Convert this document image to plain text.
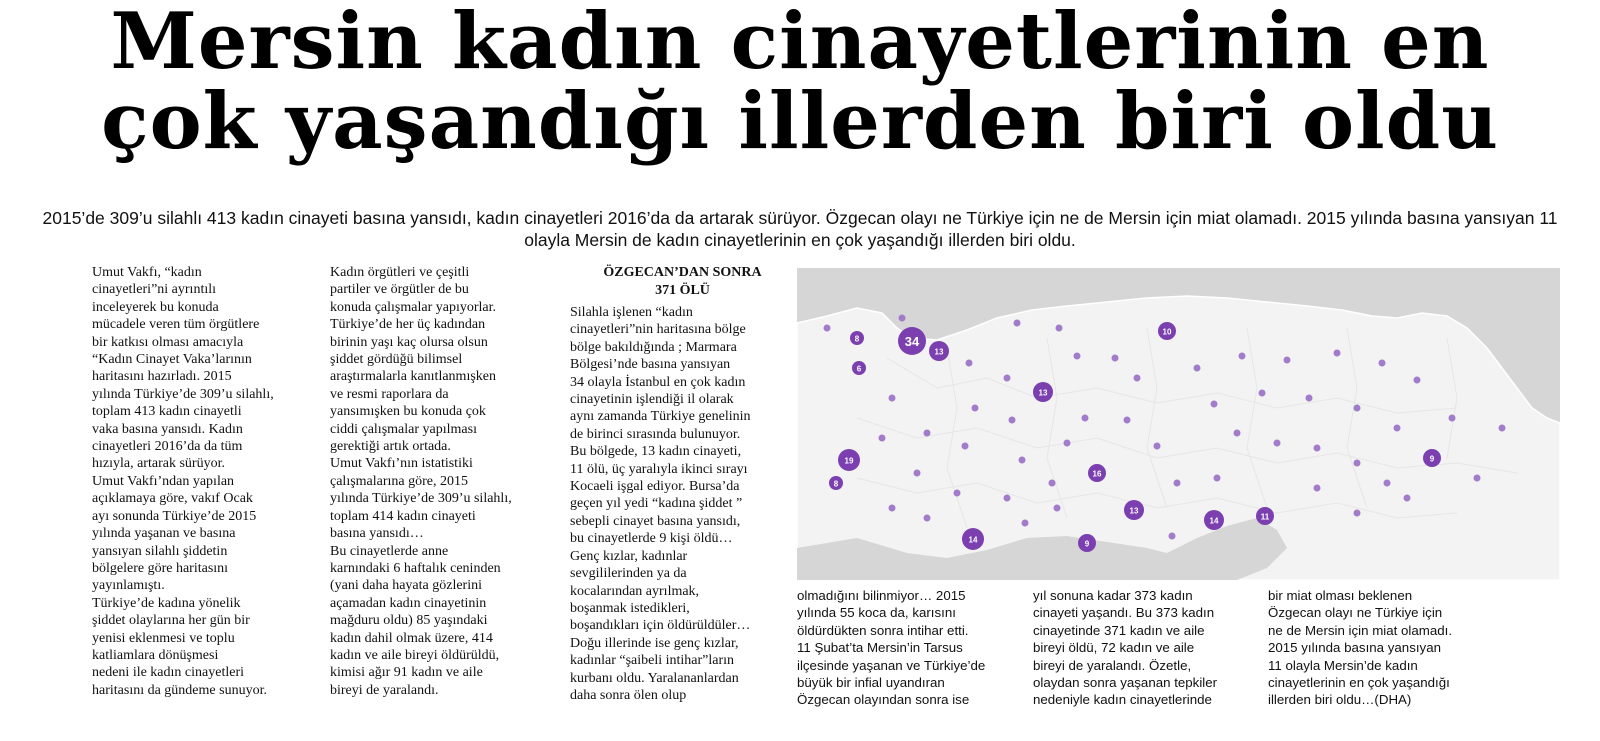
Mersin kadın cinayetlerinin en
çok yaşandığı illerden biri oldu
2015’de 309’u silahlı 413 kadın cinayeti basına yansıdı, kadın cinayetleri 2016’da da artarak sürüyor. Özgecan olayı ne Türkiye için ne de Mersin için miat olamadı. 2015 yılında basına yansıyan 11 olayla Mersin de kadın cinayetlerinin en çok yaşandığı illerden biri oldu.

Umut Vakfı, “kadın

cinayetleri”ni ayrıntılı

inceleyerek bu konuda

mücadele veren tüm örgütlere

bir katkısı olması amacıyla

“Kadın Cinayet Vaka’larının

haritasını hazırladı. 2015

yılında Türkiye’de 309’u silahlı,

toplam 413 kadın cinayetli

vaka basına yansıdı. Kadın

cinayetleri 2016’da da tüm

hızıyla, artarak sürüyor.

Umut Vakfı’ndan yapılan

açıklamaya göre, vakıf Ocak

ayı sonunda Türkiye’de 2015

yılında yaşanan ve basına

yansıyan silahlı şiddetin

bölgelere göre haritasını

yayınlamıştı.

Türkiye’de kadına yönelik

şiddet olaylarına her gün bir

yenisi eklenmesi ve toplu

katliamlara dönüşmesi

nedeni ile kadın cinayetleri

haritasını da gündeme sunuyor.

Kadın örgütleri ve çeşitli

partiler ve örgütler de bu

konuda çalışmalar yapıyorlar.

Türkiye’de her üç kadından

birinin yaşı kaç olursa olsun

şiddet gördüğü bilimsel

araştırmalarla kanıtlanmışken

ve resmi raporlara da

yansımışken bu konuda çok

ciddi çalışmalar yapılması

gerektiği artık ortada.

Umut Vakfı’nın istatistiki

çalışmalarına göre, 2015

yılında Türkiye’de 309’u silahlı,

toplam 414 kadın cinayeti

basına yansıdı…

Bu cinayetlerde anne

karnındaki 6 haftalık ceninden

(yani daha hayata gözlerini

açamadan kadın cinayetinin

mağduru oldu) 85 yaşındaki

kadın dahil olmak üzere, 414

kadın ve aile bireyi öldürüldü,

kimisi ağır 91 kadın ve aile

bireyi de yaralandı.

ÖZGECAN’DAN SONRA
371 ÖLÜ

Silahla işlenen “kadın

cinayetleri”nin haritasına bölge

bölge bakıldığında ; Marmara

Bölgesi’nde basına yansıyan

34 olayla İstanbul en çok kadın

cinayetinin işlendiği il olarak

aynı zamanda Türkiye genelinin

de birinci sırasında bulunuyor.

Bu bölgede, 13 kadın cinayeti,

11 ölü, üç yaralıyla ikinci sırayı

Kocaeli işgal ediyor. Bursa’da

geçen yıl yedi “kadına şiddet ”

sebepli cinayet basına yansıdı,

bu cinayetlerde 9 kişi öldü…

Genç kızlar, kadınlar

sevgililerinden ya da

kocalarından ayrılmak,

boşanmak istedikleri,

boşandıkları için öldürüldüler…

Doğu illerinde ise genç kızlar,

kadınlar “şaibeli intihar”ların

kurbanı oldu. Yaralananlardan

daha sonra ölen olup

34
13
10
13
19
16
13
14
14	9
11
9
8
6
8

olmadığını bilinmiyor… 2015

yılında 55 koca da, karısını

öldürdükten sonra intihar etti.

11 Şubat’ta Mersin’in Tarsus

ilçesinde yaşanan ve Türkiye’de

büyük bir infial uyandıran

Özgecan olayından sonra ise

yıl sonuna kadar 373 kadın

cinayeti yaşandı. Bu 373 kadın

cinayetinde 371 kadın ve aile

bireyi öldü, 72 kadın ve aile

bireyi de yaralandı. Özetle,

olaydan sonra yaşanan tepkiler

nedeniyle kadın cinayetlerinde

bir miat olması beklenen

Özgecan olayı ne Türkiye için

ne de Mersin için miat olamadı.

2015 yılında basına yansıyan

11 olayla Mersin’de kadın

cinayetlerinin en çok yaşandığı

illerden biri oldu…(DHA)
